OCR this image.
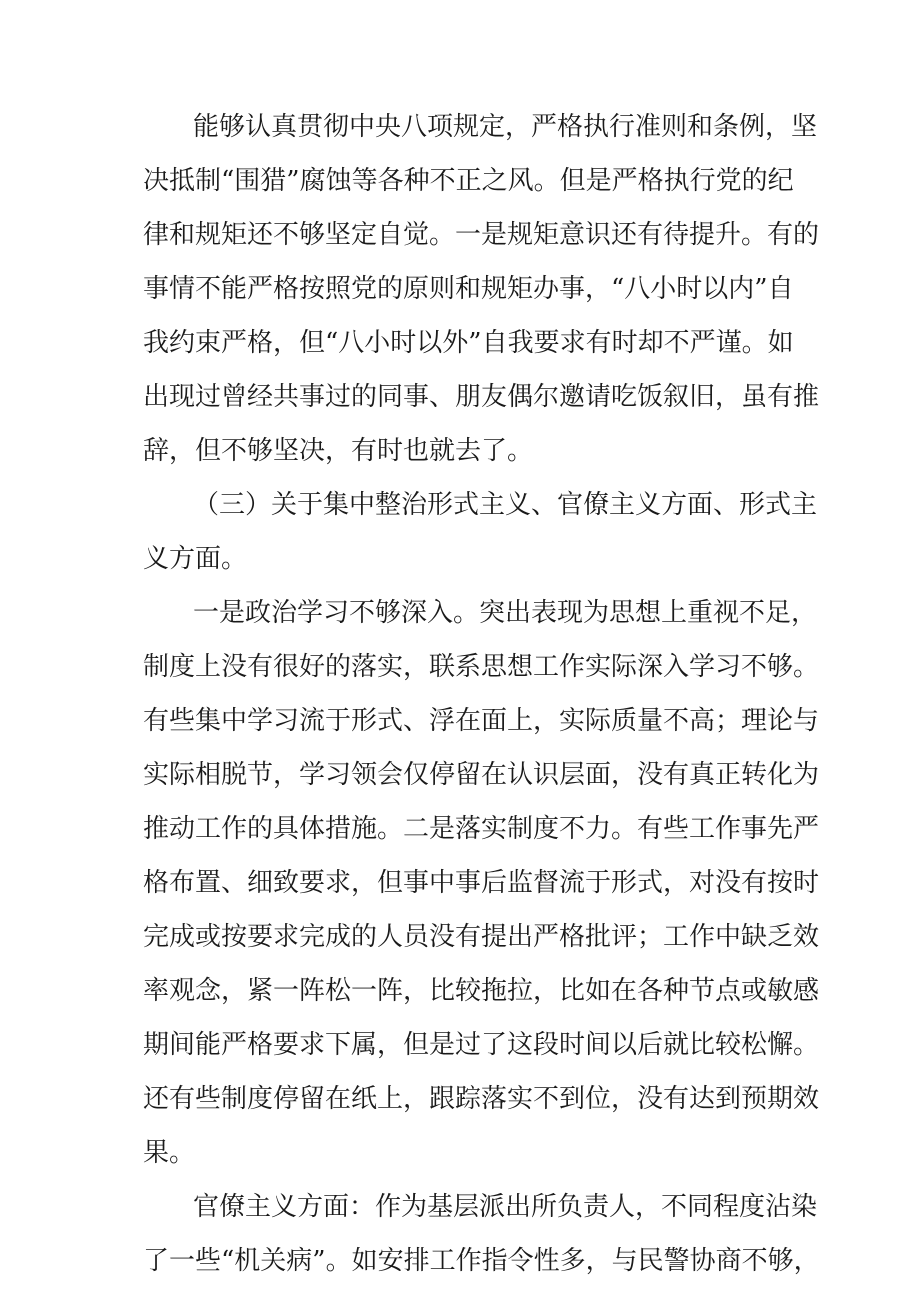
能够认真贯彻中央八项规定，严格执行准则和条例，坚
决抵制“围猎”腐蚀等各种不正之风。但是严格执行党的纪
律和规矩还不够坚定自觉。一是规矩意识还有待提升。有的
事情不能严格按照党的原则和规矩办事，“八小时以内”自
我约束严格，但“八小时以外”自我要求有时却不严谨。如
出现过曾经共事过的同事、朋友偶尔邀请吃饭叙旧，虽有推
辞，但不够坚决，有时也就去了。
（三）关于集中整治形式主义、官僚主义方面、形式主
义方面。
一是政治学习不够深入。突出表现为思想上重视不足，
制度上没有很好的落实，联系思想工作实际深入学习不够。
有些集中学习流于形式、浮在面上，实际质量不高；理论与
实际相脱节，学习领会仅停留在认识层面，没有真正转化为
推动工作的具体措施。二是落实制度不力。有些工作事先严
格布置、细致要求，但事中事后监督流于形式，对没有按时
完成或按要求完成的人员没有提出严格批评；工作中缺乏效
率观念，紧一阵松一阵，比较拖拉，比如在各种节点或敏感
期间能严格要求下属，但是过了这段时间以后就比较松懈。
还有些制度停留在纸上，跟踪落实不到位，没有达到预期效
果。
官僚主义方面：作为基层派出所负责人，不同程度沾染
了一些“机关病”。如安排工作指令性多，与民警协商不够，
